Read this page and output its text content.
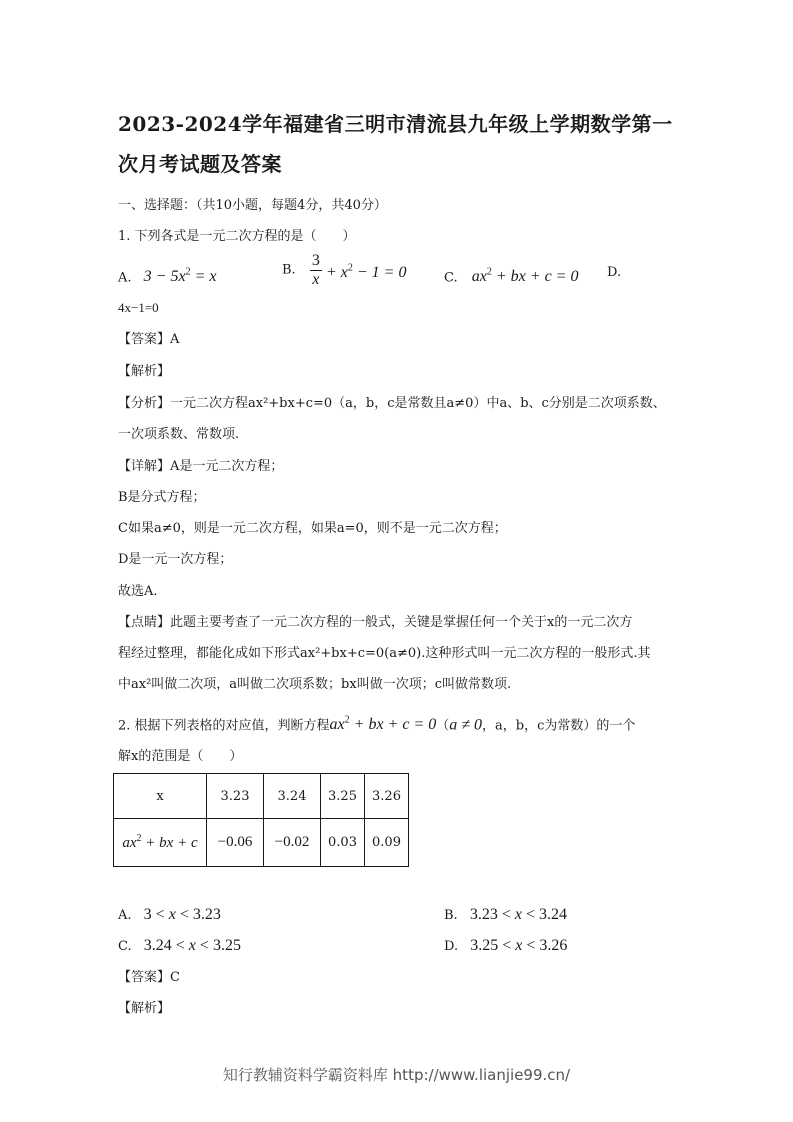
2023-2024学年福建省三明市清流县九年级上学期数学第一
次月考试题及答案
一、选择题：（共10小题，每题4分，共40分）
1. 下列各式是一元二次方程的是（　　）
A. $3 - 5x^2 = x$	B. $\frac{3}{x} + x^2 - 1 = 0$	C. $ax^2$ + bx + c = 0 D.
4x−1=0
【答案】A
【解析】
【分析】一元二次方程ax²+bx+c=0（a，b，c是常数且a≠0）中a、b、c分别是二次项系数、
一次项系数、常数项.
【详解】A是一元二次方程；
B是分式方程；
C如果a≠0，则是一元二次方程，如果a=0，则不是一元二次方程；
D是一元一次方程；
故选A.
【点睛】此题主要考查了一元二次方程的一般式，关键是掌握任何一个关于x的一元二次方
程经过整理，都能化成如下形式ax²+bx+c=0(a≠0).这种形式叫一元二次方程的一般形式.其
中ax²叫做二次项，a叫做二次项系数；bx叫做一次项；c叫做常数项.
2. 根据下列表格的对应值，判断方程$ax^2$ + bx + c = 0（a ≠ 0，a，b，c为常数）的一个
解x的范围是（　　）
x	3.23	3.24	3.25	3.26
$ax^2$ + bx + c	−0.06	−0.02	0.03	0.09
A. 3 < x < 3.23	B. 3.23 < x < 3.24
C. 3.24 < x < 3.25	D. 3.25 < x < 3.26
【答案】C
【解析】
知行教辅资料学霸资料库 http://www.lianjie99.cn/
